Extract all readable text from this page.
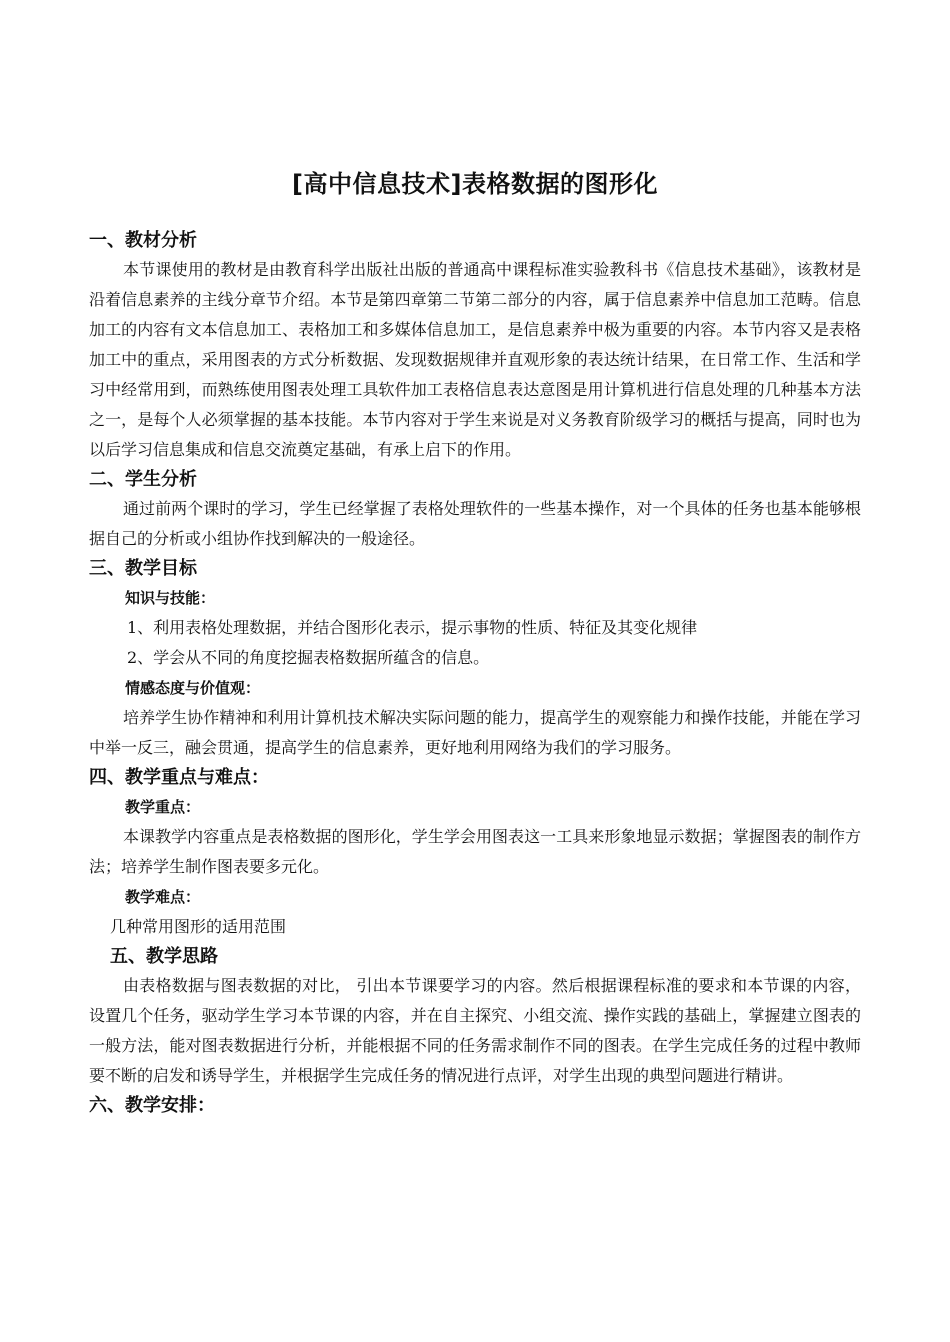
[高中信息技术]表格数据的图形化
一、教材分析
本节课使用的教材是由教育科学出版社出版的普通高中课程标准实验教科书《信息技术基础》，该教材是沿着信息素养的主线分章节介绍。本节是第四章第二节第二部分的内容，属于信息素养中信息加工范畴。信息加工的内容有文本信息加工、表格加工和多媒体信息加工，是信息素养中极为重要的内容。本节内容又是表格加工中的重点，采用图表的方式分析数据、发现数据规律并直观形象的表达统计结果，在日常工作、生活和学习中经常用到，而熟练使用图表处理工具软件加工表格信息表达意图是用计算机进行信息处理的几种基本方法之一，是每个人必须掌握的基本技能。本节内容对于学生来说是对义务教育阶级学习的概括与提高，同时也为以后学习信息集成和信息交流奠定基础，有承上启下的作用。
二、学生分析
通过前两个课时的学习，学生已经掌握了表格处理软件的一些基本操作，对一个具体的任务也基本能够根据自己的分析或小组协作找到解决的一般途径。
三、教学目标
知识与技能：
1、利用表格处理数据，并结合图形化表示，提示事物的性质、特征及其变化规律
2、学会从不同的角度挖掘表格数据所蕴含的信息。
情感态度与价值观：
培养学生协作精神和利用计算机技术解决实际问题的能力，提高学生的观察能力和操作技能，并能在学习中举一反三，融会贯通，提高学生的信息素养，更好地利用网络为我们的学习服务。
四、教学重点与难点：
教学重点：
本课教学内容重点是表格数据的图形化，学生学会用图表这一工具来形象地显示数据；掌握图表的制作方法；培养学生制作图表要多元化。
教学难点：
几种常用图形的适用范围
五、教学思路
由表格数据与图表数据的对比， 引出本节课要学习的内容。然后根据课程标准的要求和本节课的内容，设置几个任务，驱动学生学习本节课的内容，并在自主探究、小组交流、操作实践的基础上，掌握建立图表的一般方法，能对图表数据进行分析，并能根据不同的任务需求制作不同的图表。在学生完成任务的过程中教师要不断的启发和诱导学生，并根据学生完成任务的情况进行点评，对学生出现的典型问题进行精讲。
六、教学安排：
